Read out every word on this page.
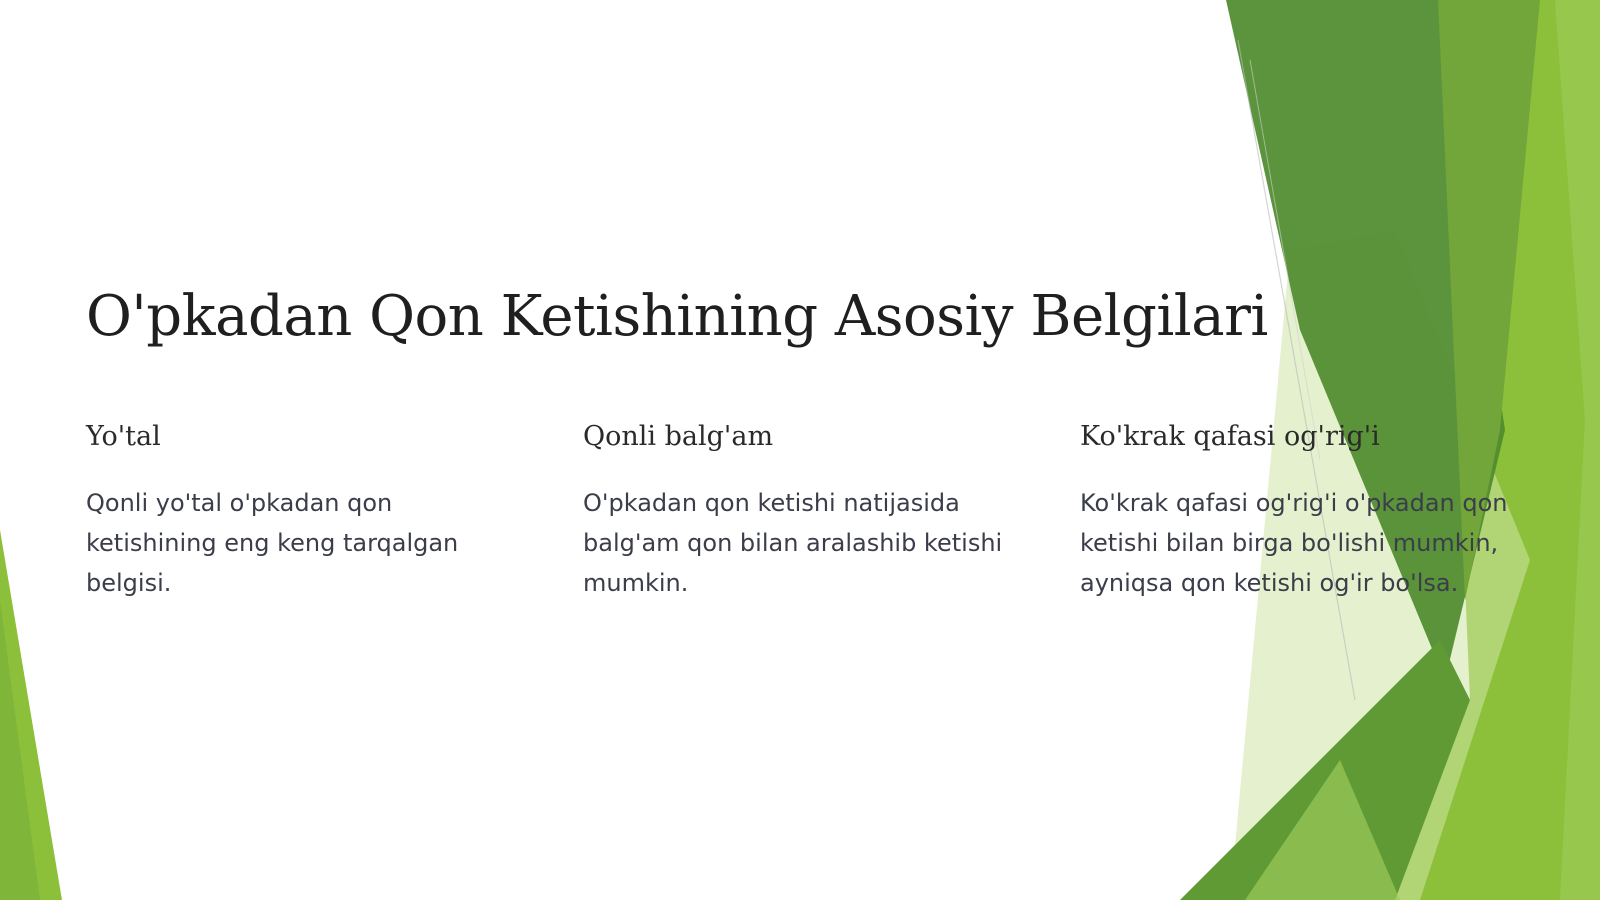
O'pkadan Qon Ketishining Asosiy Belgilari
Yo'tal

Qonli yo'tal o'pkadan qon ketishining eng keng tarqalgan belgisi.

Qonli balg'am

O'pkadan qon ketishi natijasida balg'am qon bilan aralashib ketishi mumkin.

Ko'krak qafasi og'rig'i

Ko'krak qafasi og'rig'i o'pkadan qon ketishi bilan birga bo'lishi mumkin, ayniqsa qon ketishi og'ir bo'lsa.
